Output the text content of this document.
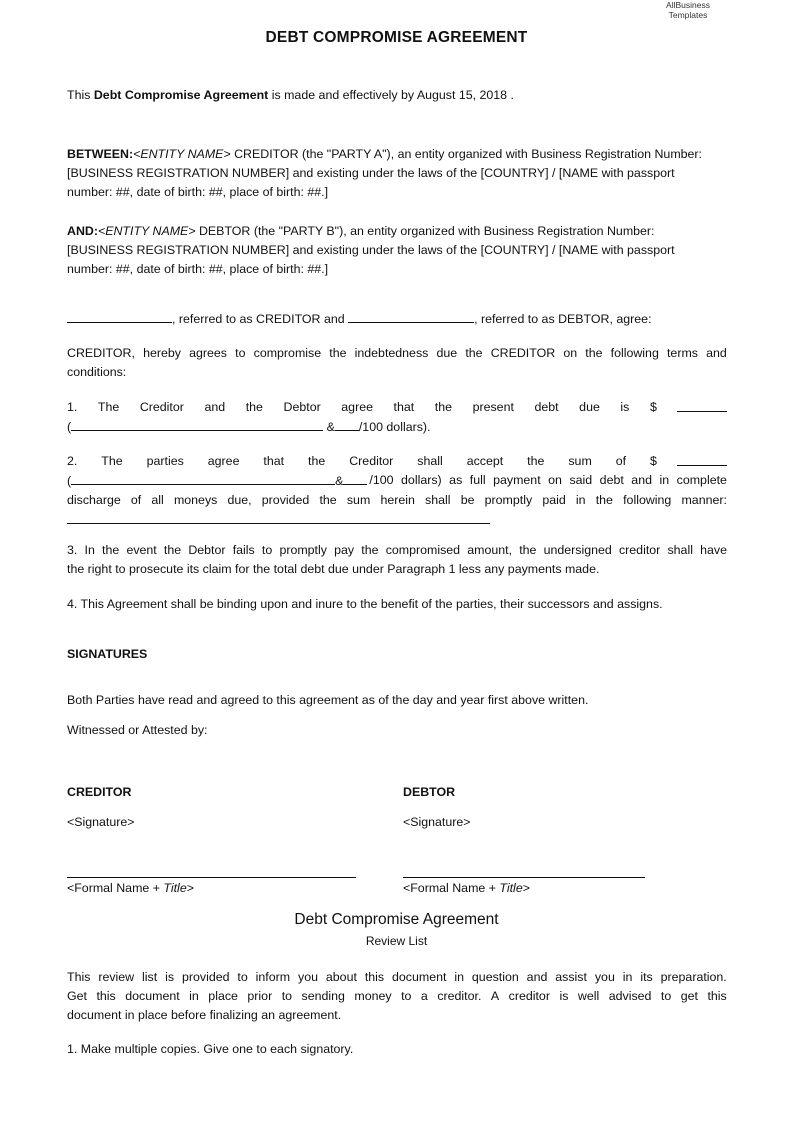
AllBusiness
Templates
DEBT COMPROMISE AGREEMENT
This Debt Compromise Agreement is made and effectively by August 15, 2018 .
BETWEEN:<ENTITY NAME> CREDITOR (the "PARTY A"), an entity organized with Business Registration Number:
[BUSINESS REGISTRATION NUMBER] and existing under the laws of the [COUNTRY] / [NAME with passport
number: ##, date of birth: ##, place of birth: ##.]
AND:<ENTITY NAME> DEBTOR (the "PARTY B"), an entity organized with Business Registration Number:
[BUSINESS REGISTRATION NUMBER] and existing under the laws of the [COUNTRY] / [NAME with passport
number: ##, date of birth: ##, place of birth: ##.]
, referred to as CREDITOR and	, referred to as DEBTOR, agree:
CREDITOR, hereby agrees to compromise the indebtedness due the CREDITOR on the following terms and
conditions:
1. The Creditor and the Debtor agree that the present debt due is $
(	& /100 dollars).
2. The parties agree that the Creditor shall accept the sum of $
(	&	/100 dollars) as full payment on said debt and in complete
discharge of all moneys due, provided the sum herein shall be promptly paid in the following manner:
3. In the event the Debtor fails to promptly pay the compromised amount, the undersigned creditor shall have
the right to prosecute its claim for the total debt due under Paragraph 1 less any payments made.
4. This Agreement shall be binding upon and inure to the benefit of the parties, their successors and assigns.
SIGNATURES
Both Parties have read and agreed to this agreement as of the day and year first above written.
Witnessed or Attested by:
CREDITOR	DEBTOR
<Signature>	<Signature>
<Formal Name + Title>	<Formal Name + Title>
Debt Compromise Agreement
Review List
This review list is provided to inform you about this document in question and assist you in its preparation.
Get this document in place prior to sending money to a creditor. A creditor is well advised to get this
document in place before finalizing an agreement.
1. Make multiple copies. Give one to each signatory.
